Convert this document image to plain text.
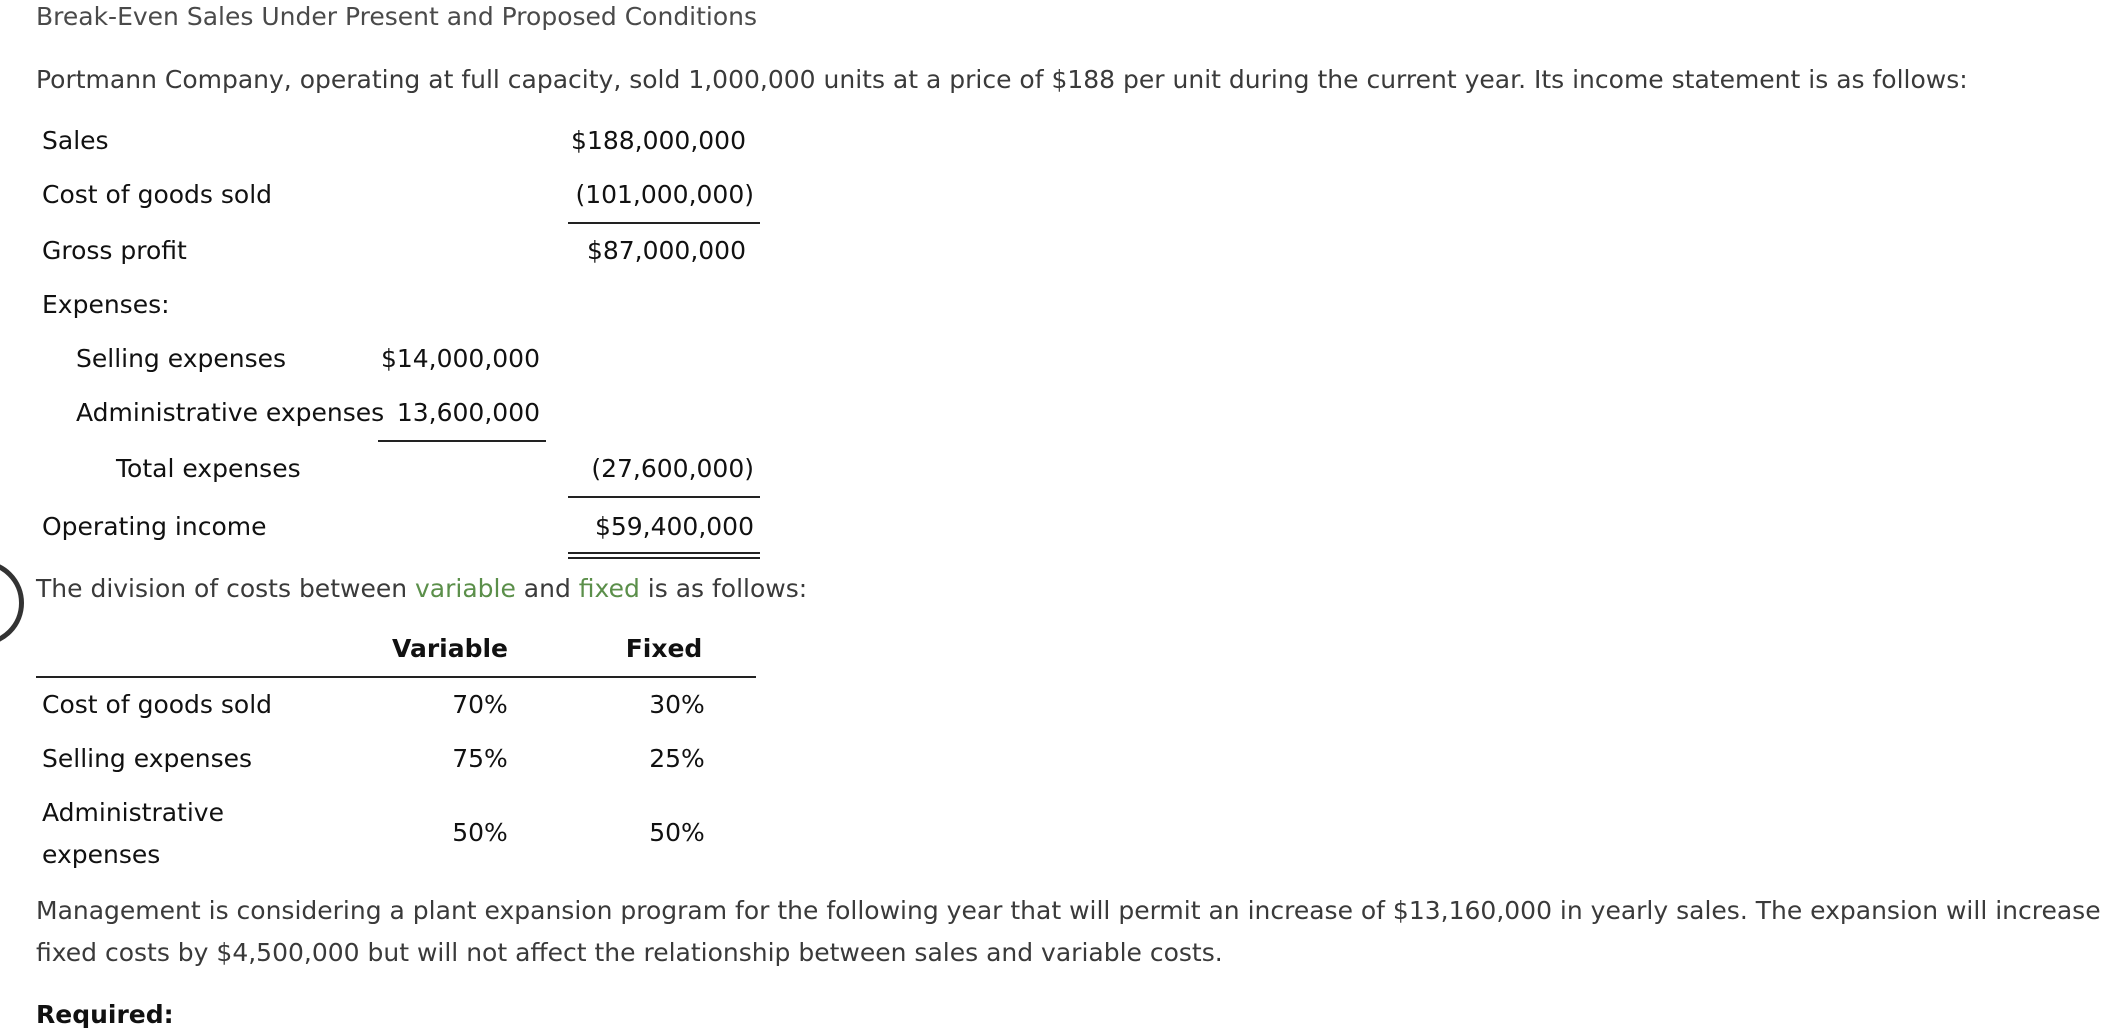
Break-Even Sales Under Present and Proposed Conditions
Portmann Company, operating at full capacity, sold 1,000,000 units at a price of $188 per unit during the current year. Its income statement is as follows:
Sales	$188,000,000
Cost of goods sold	(101,000,000)
Gross profit	$87,000,000
Expenses:
Selling expenses	$14,000,000
Administrative expenses 13,600,000
Total expenses	(27,600,000)
Operating income	$59,400,000
The division of costs between variable and fixed is as follows:
Variable	Fixed
Cost of goods sold	70%	30%
Selling expenses	75%	25%
Administrative
expenses
50%	50%
Management is considering a plant expansion program for the following year that will permit an increase of $13,160,000 in yearly sales. The expansion will increase fixed costs by $4,500,000 but will not affect the relationship between sales and variable costs.
Required:
